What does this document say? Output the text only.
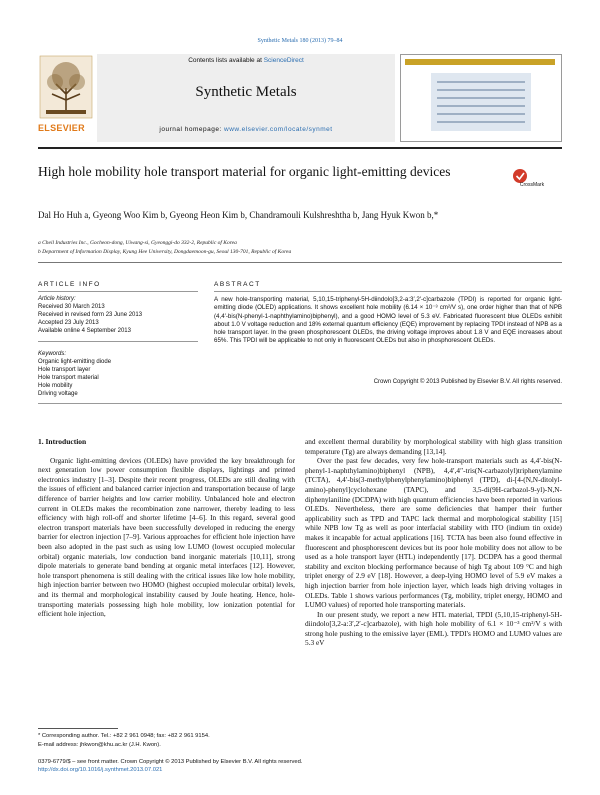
Synthetic Metals 180 (2013) 79–84
ELSEVIER
Contents lists available at ScienceDirect
Synthetic Metals
journal homepage: www.elsevier.com/locate/synmet
High hole mobility hole transport material for organic light-emitting devices
CrossMark
Dal Ho Huh a, Gyeong Woo Kim b, Gyeong Heon Kim b, Chandramouli Kulshreshtha b, Jang Hyuk Kwon b,*
a Cheil Industries Inc., Gocheon-dong, Uiwang-si, Gyeonggi-do 332-2, Republic of Korea
b Department of Information Display, Kyung Hee University, Dongdaemoon-gu, Seoul 130-701, Republic of Korea
ARTICLE INFO
Article history:
Received 30 March 2013
Received in revised form 23 June 2013
Accepted 23 July 2013
Available online 4 September 2013
Keywords:
Organic light-emitting diode
Hole transport layer
Hole transport material
Hole mobility
Driving voltage
ABSTRACT
A new hole-transporting material, 5,10,15-triphenyl-5H-diindolo[3,2-a:3′,2′-c]carbazole (TPDI) is reported for organic light-emitting diode (OLED) applications. It shows excellent hole mobility (6.14 × 10⁻³ cm²/V s), one order higher than that of NPB (4,4′-bis(N-phenyl-1-naphthylamino)biphenyl), and a good HOMO level of 5.3 eV. Fabricated fluorescent blue OLEDs exhibit about 1.0 V voltage reduction and 18% external quantum efficiency (EQE) improvement by replacing TPDI instead of NPB as a hole transport layer. In the green phosphorescent OLEDs, the driving voltage improves about 1.8 V and EQE increases about 65%. This TPDI will be applicable to not only in fluorescent OLEDs but also in phosphorescent OLEDs.
Crown Copyright © 2013 Published by Elsevier B.V. All rights reserved.
1. Introduction

Organic light-emitting devices (OLEDs) have provided the key breakthrough for next generation low power consumption flexible displays, lightings and printed electronics industry [1–3]. Despite their recent progress, OLEDs are still dealing with the issues of efficient and balanced carrier injection and transportation because of large difference of barrier heights and low carrier mobility. Unbalanced hole and electron current in OLEDs makes the recombination zone narrower, thereby leading to less efficiency with high roll-off and shorter lifetime [4–6]. In this regard, several good electron transport materials have been successfully developed in reducing the energy barrier for electron injection [7–9]. Various approaches for efficient hole injection have been also adopted in the past such as using low LUMO (lowest occupied molecular orbital) organic materials, low conduction band inorganic materials [10,11], strong dipole materials to generate band bending at organic metal interfaces [12]. However, hole transport phenomena is still dealing with the critical issues like low hole mobility, high injection barrier between two HOMO (highest occupied molecular orbital) levels, and its thermal and morphological instability caused by Joule heating. Hence, hole-transporting materials possessing high hole mobility, low ionization potential for efficient hole injection,

and excellent thermal durability by morphological stability with high glass transition temperature (Tg) are always demanding [13,14].

Over the past few decades, very few hole-transport materials such as 4,4′-bis(N-phenyl-1-naphthylamino)biphenyl (NPB), 4,4′,4″-tris(N-carbazolyl)triphenylamine (TCTA), 4,4′-bis(3-methylphenylphenylamino)biphenyl (TPD), di-[4-(N,N-ditolyl-amino)-phenyl]cyclohexane (TAPC), and 3,5-di(9H-carbazol-9-yl)-N,N-diphenylaniline (DCDPA) with high quantum efficiencies have been reported in various OLEDs. Nevertheless, there are some deficiencies that hamper their further applicability such as TPD and TAPC lack thermal and morphological stability [15] while NPB low Tg as well as poor interfacial stability with ITO (indium tin oxide) makes it incapable for actual applications [16]. TCTA has been also found effective in fluorescent and phosphorescent devices but its poor hole mobility does not allow to be used as a hole transport layer (HTL) independently [17]. DCDPA has a good thermal stability and exciton blocking performance because of high Tg about 109 °C and high triplet energy of 2.9 eV [18]. However, a deep-lying HOMO level of 5.9 eV makes a high injection barrier from hole injection layer, which leads high driving voltages in OLEDs. Table 1 shows various performances (Tg, mobility, triplet energy, HOMO and LUMO values) of reported hole transporting materials.

In our present study, we report a new HTL material, TPDI (5,10,15-triphenyl-5H-diindolo[3,2-a:3′,2′-c]carbazole), with high hole mobility of 6.1 × 10⁻³ cm²/V s with strong hole pushing to the emissive layer (EML). TPDI's HOMO and LUMO values are 5.3 eV

* Corresponding author. Tel.: +82 2 961 0948; fax: +82 2 961 9154.
E-mail address: jhkwon@khu.ac.kr (J.H. Kwon).
0379-6779/$ – see front matter. Crown Copyright © 2013 Published by Elsevier B.V. All rights reserved.
http://dx.doi.org/10.1016/j.synthmet.2013.07.021
